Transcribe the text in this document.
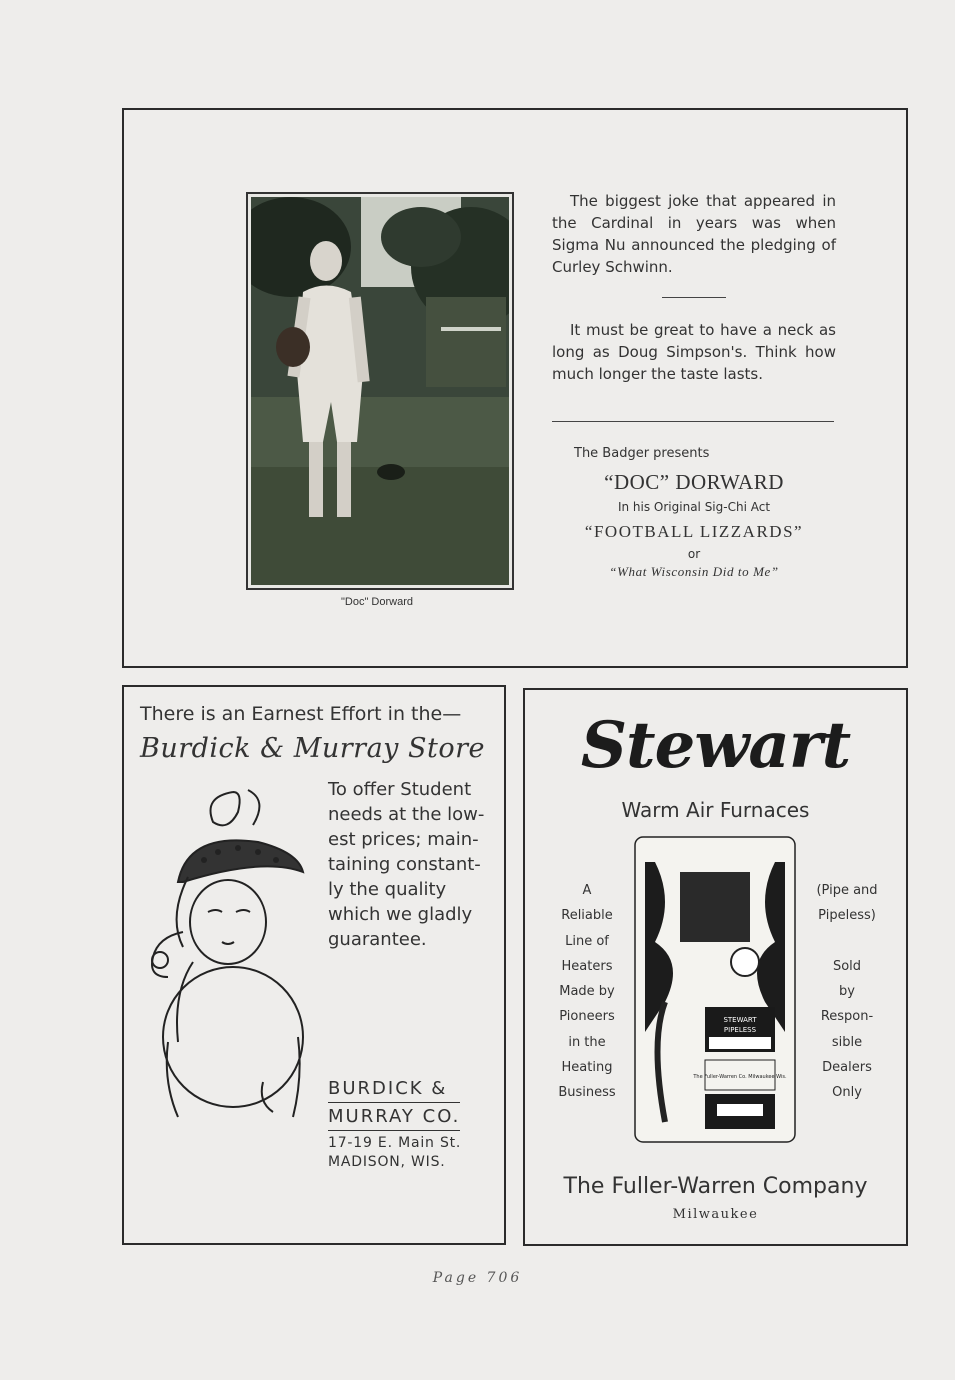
"Doc" Dorward

The biggest joke that appeared in the Cardinal in years was when Sigma Nu announced the pledging of Curley Schwinn.

It must be great to have a neck as long as Doug Simpson's. Think how much longer the taste lasts.

The Badger presents
“DOC” DORWARD
In his Original Sig-Chi Act
“FOOTBALL LIZZARDS”
or
“What Wisconsin Did to Me”
There is an Earnest Effort in the—
Burdick & Murray Store
To offer Student
needs at the low-
est prices; main-
taining constant-
ly the quality
which we gladly
guarantee.
BURDICK &
MURRAY CO.
17-19 E. Main St.
MADISON, WIS.
Stewart
Warm Air Furnaces
A
Reliable
Line of
Heaters
Made by
Pioneers
in the
Heating
Business
STEWART
PIPELESS
The Fuller-Warren Co. Milwaukee Wis.
(Pipe and
Pipeless)

Sold
by
Respon-
sible
Dealers
Only
The Fuller-Warren Company
Milwaukee
Page 706
